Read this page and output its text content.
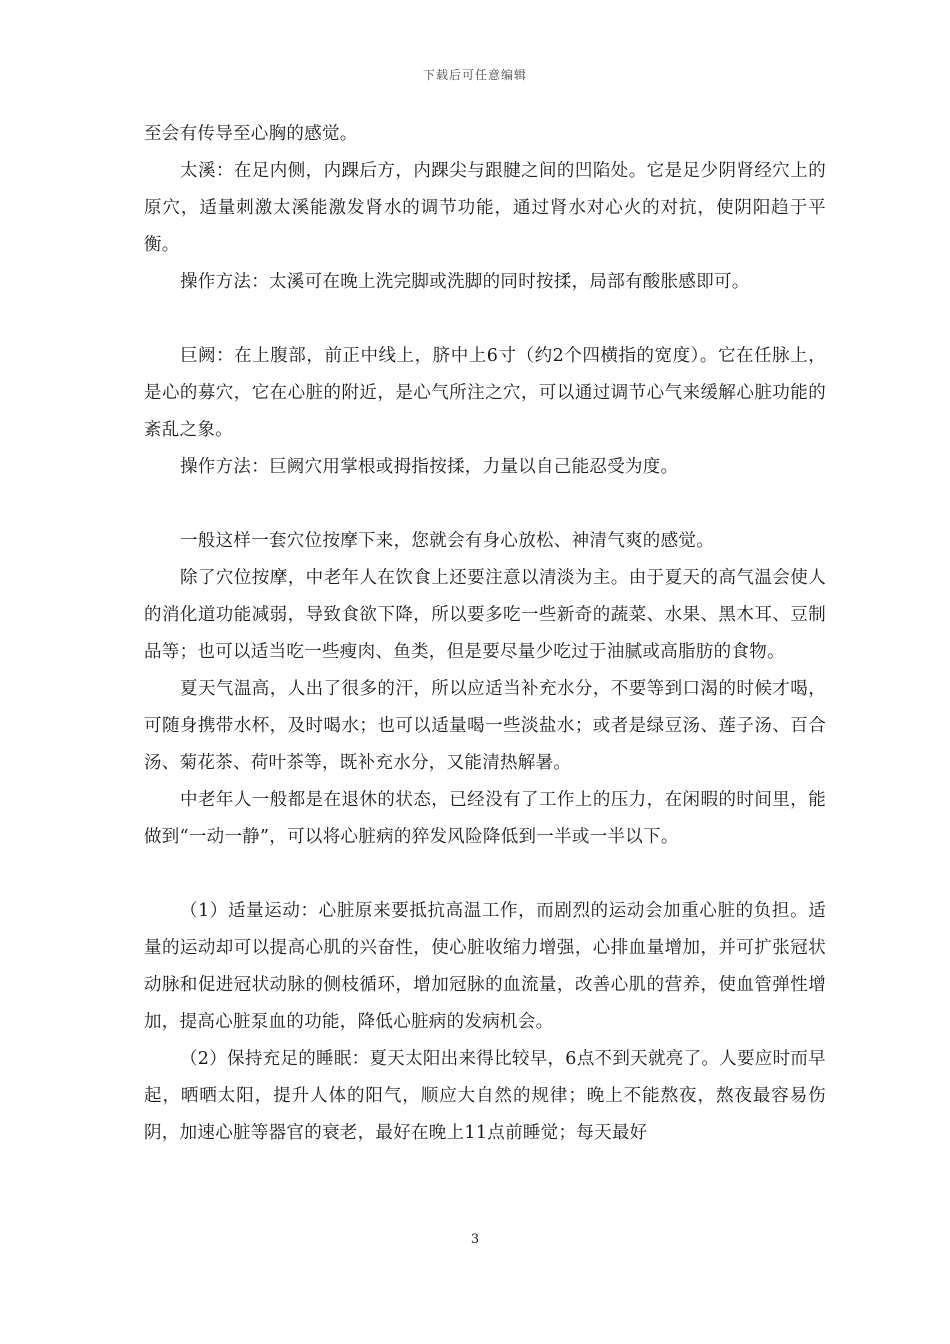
下载后可任意编辑

至会有传导至心胸的感觉。

太溪：在足内侧，内踝后方，内踝尖与跟腱之间的凹陷处。它是足少阴肾经穴上的原穴，适量刺激太溪能激发肾水的调节功能，通过肾水对心火的对抗，使阴阳趋于平衡。

操作方法：太溪可在晚上洗完脚或洗脚的同时按揉，局部有酸胀感即可。

巨阙：在上腹部，前正中线上，脐中上6寸（约2个四横指的宽度）。它在任脉上，是心的募穴，它在心脏的附近，是心气所注之穴，可以通过调节心气来缓解心脏功能的紊乱之象。

操作方法：巨阙穴用掌根或拇指按揉，力量以自己能忍受为度。

一般这样一套穴位按摩下来，您就会有身心放松、神清气爽的感觉。

除了穴位按摩，中老年人在饮食上还要注意以清淡为主。由于夏天的高气温会使人的消化道功能减弱，导致食欲下降，所以要多吃一些新奇的蔬菜、水果、黑木耳、豆制品等；也可以适当吃一些瘦肉、鱼类，但是要尽量少吃过于油腻或高脂肪的食物。

夏天气温高，人出了很多的汗，所以应适当补充水分，不要等到口渴的时候才喝，可随身携带水杯，及时喝水；也可以适量喝一些淡盐水；或者是绿豆汤、莲子汤、百合汤、菊花茶、荷叶茶等，既补充水分，又能清热解暑。

中老年人一般都是在退休的状态，已经没有了工作上的压力，在闲暇的时间里，能做到“一动一静”，可以将心脏病的猝发风险降低到一半或一半以下。

（1）适量运动：心脏原来要抵抗高温工作，而剧烈的运动会加重心脏的负担。适量的运动却可以提高心肌的兴奋性，使心脏收缩力增强，心排血量增加，并可扩张冠状动脉和促进冠状动脉的侧枝循环，增加冠脉的血流量，改善心肌的营养，使血管弹性增加，提高心脏泵血的功能，降低心脏病的发病机会。

（2）保持充足的睡眠：夏天太阳出来得比较早，6点不到天就亮了。人要应时而早起，晒晒太阳，提升人体的阳气，顺应大自然的规律；晚上不能熬夜，熬夜最容易伤阴，加速心脏等器官的衰老，最好在晚上11点前睡觉；每天最好

3
